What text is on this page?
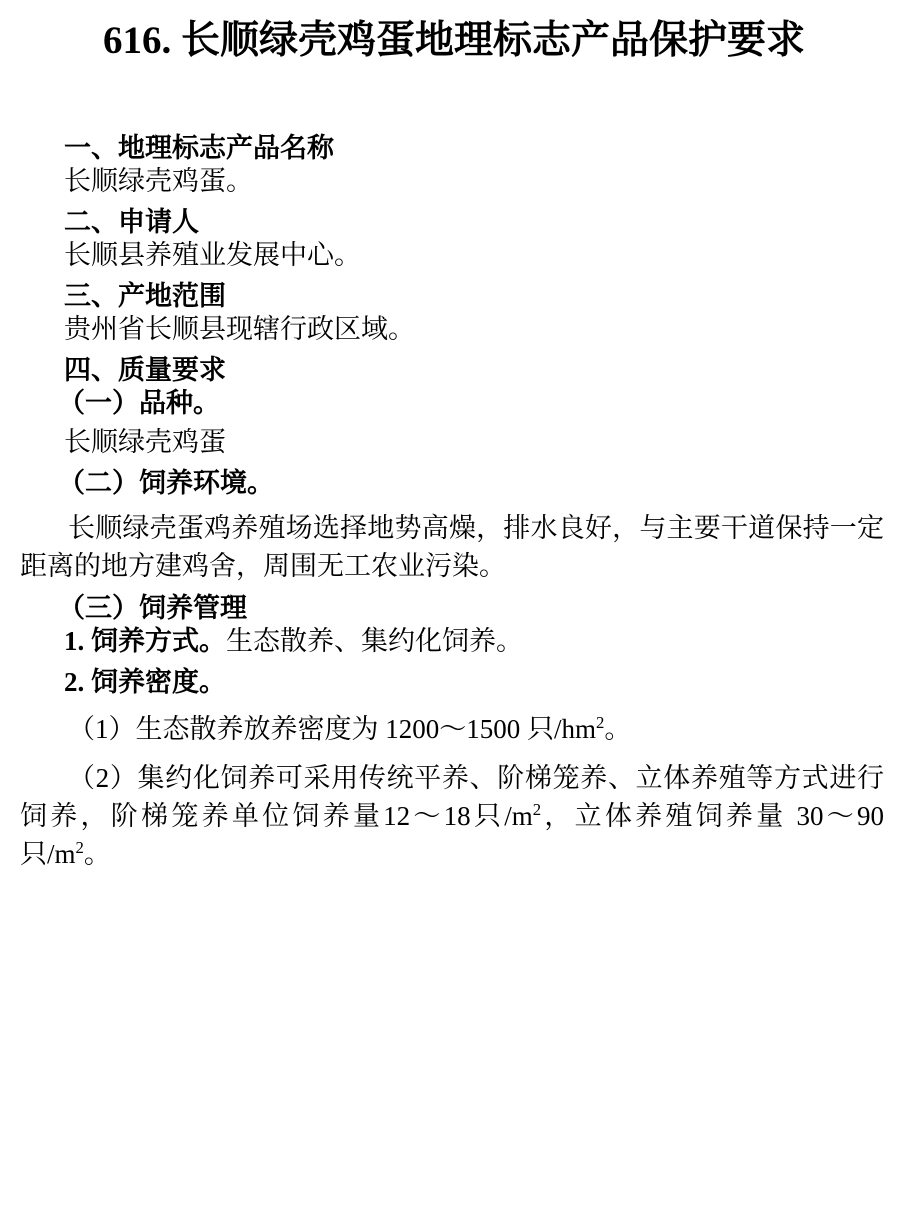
616. 长顺绿壳鸡蛋地理标志产品保护要求
一、地理标志产品名称
长顺绿壳鸡蛋。
二、申请人
长顺县养殖业发展中心。
三、产地范围
贵州省长顺县现辖行政区域。
四、质量要求
（一）品种。
长顺绿壳鸡蛋
（二）饲养环境。
长顺绿壳蛋鸡养殖场选择地势高燥，排水良好，与主要干道保持一定距离的地方建鸡舍，周围无工农业污染。
（三）饲养管理
1. 饲养方式。生态散养、集约化饲养。
2. 饲养密度。
（1）生态散养放养密度为 1200～1500 只$/hm^2$。
（2）集约化饲养可采用传统平养、阶梯笼养、立体养殖等方式进行饲养，阶梯笼养单位饲养量12～18只$/m^2$，立体养殖饲养量 30～90 只$/m^2$。
